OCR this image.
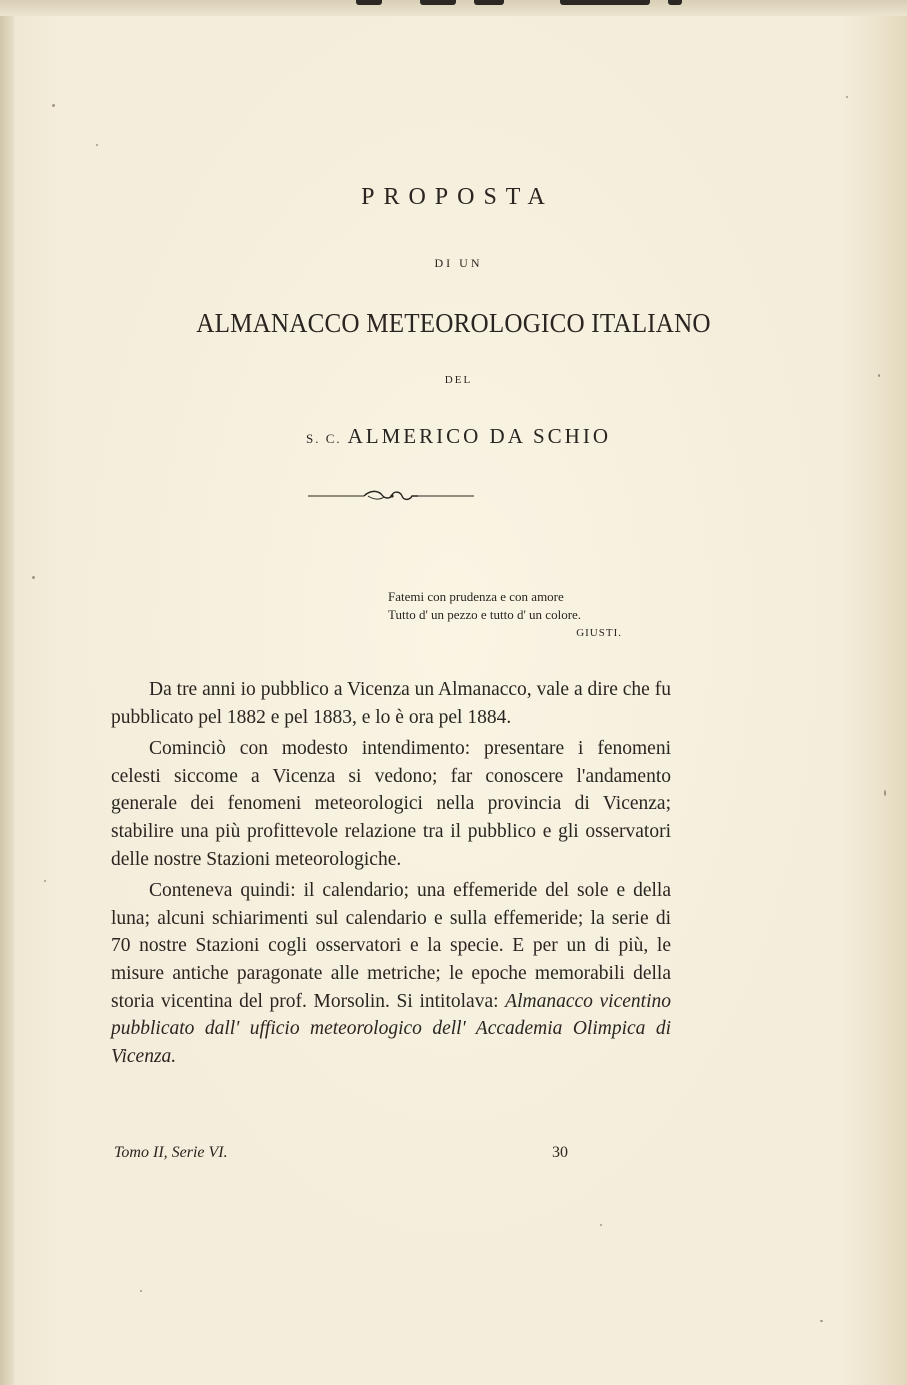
PROPOSTA
DI UN
ALMANACCO METEOROLOGICO ITALIANO
DEL
S. C. ALMERICO DA SCHIO
Fatemi con prudenza e con amore
Tutto d' un pezzo e tutto d' un colore.
GIUSTI.

Da tre anni io pubblico a Vicenza un Almanacco, vale a dire che fu pubblicato pel 1882 e pel 1883, e lo è ora pel 1884.

Cominciò con modesto intendimento: presentare i fenomeni celesti siccome a Vicenza si vedono; far conoscere l'andamento generale dei fenomeni meteorologici nella provincia di Vicenza; stabilire una più profittevole relazione tra il pubblico e gli osservatori delle nostre Stazioni meteorologiche.

Conteneva quindi: il calendario; una effemeride del sole e della luna; alcuni schiarimenti sul calendario e sulla effemeride; la serie di 70 nostre Stazioni cogli osservatori e la specie. E per un di più, le misure antiche paragonate alle metriche; le epoche memorabili della storia vicentina del prof. Morsolin. Si intitolava: Almanacco vicentino pubblicato dall' ufficio meteorologico dell' Accademia Olimpica di Vicenza.

Tomo II, Serie VI.	30
